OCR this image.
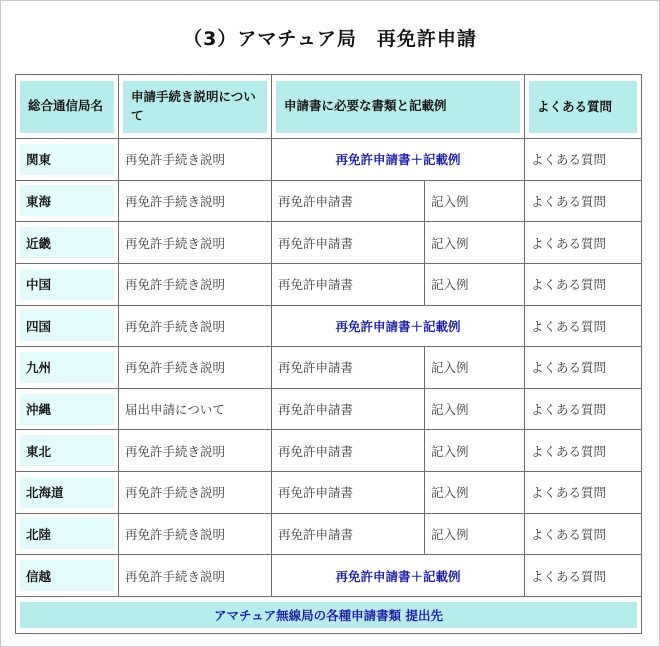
（3）アマチュア局　再免許申請
総合通信局名	申請手続き説明について	申請書に必要な書類と記載例		よくある質問

関東	再免許手続き説明	再免許申請書＋記載例		よくある質問

東海	再免許手続き説明	再免許申請書	記入例	よくある質問

近畿	再免許手続き説明	再免許申請書	記入例	よくある質問

中国	再免許手続き説明	再免許申請書	記入例	よくある質問

四国	再免許手続き説明	再免許申請書＋記載例		よくある質問

九州	再免許手続き説明	再免許申請書	記入例	よくある質問

沖縄	届出申請について	再免許申請書	記入例	よくある質問

東北	再免許手続き説明	再免許申請書	記入例	よくある質問

北海道	再免許手続き説明	再免許申請書	記入例	よくある質問

北陸	再免許手続き説明	再免許申請書	記入例	よくある質問

信越	再免許手続き説明	再免許申請書＋記載例		よくある質問

アマチュア無線局の各種申請書類 提出先				
